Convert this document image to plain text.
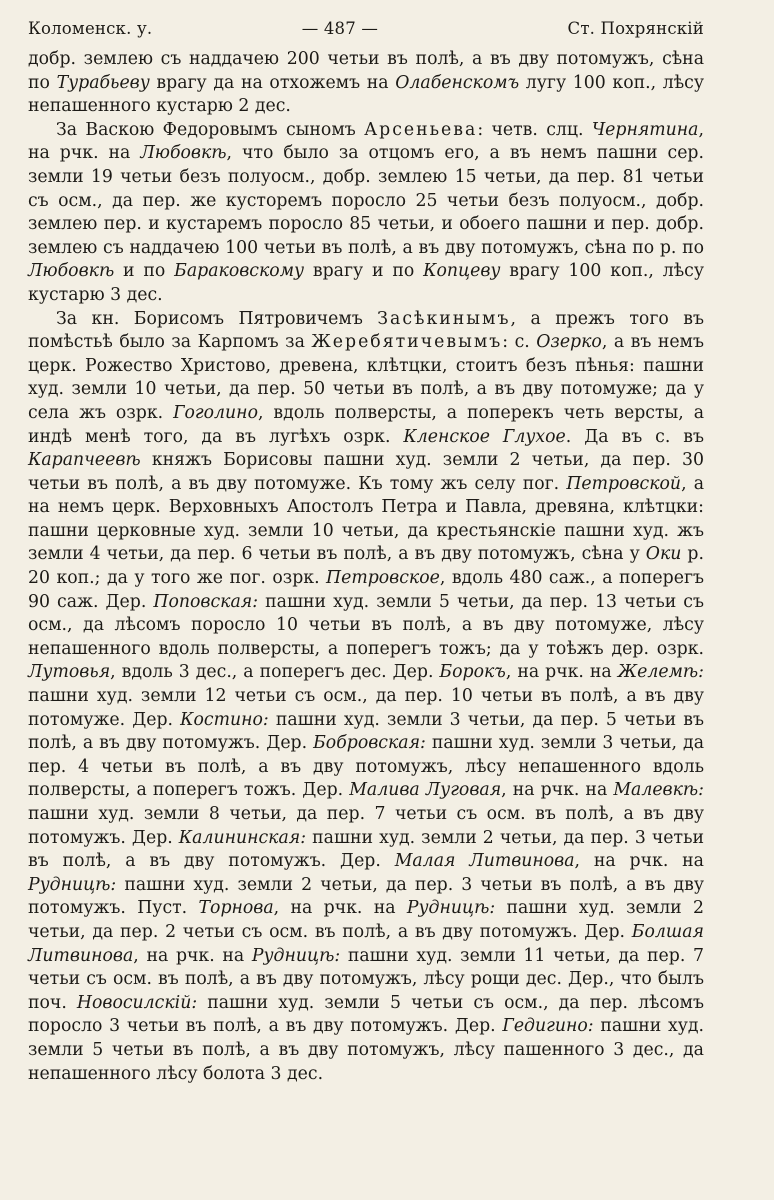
Коломенск. у.	— 487 —	Ст. Похрянскiй

добр. землею съ наддачею 200 четьи въ полѣ, а въ дву потомужъ, сѣна по Турабьеву врагу да на отхожемъ на Олабенскомъ лугу 100 коп., лѣсу непашенного кустарю 2 дес.

За Васкою Федоровымъ сыномъ Арсеньева: четв. слц. Чернятина, на рчк. на Любовкѣ, что было за отцомъ его, а въ немъ пашни сер. земли 19 четьи безъ полуосм., добр. землею 15 четьи, да пер. 81 четьи съ осм., да пер. же кусторемъ поросло 25 четьи безъ полуосм., добр. землею пер. и кустаремъ поросло 85 четьи, и обоего пашни и пер. добр. землею съ наддачею 100 четьи въ полѣ, а въ дву потомужъ, сѣна по р. по Любовкѣ и по Бараковскому врагу и по Копцеву врагу 100 коп., лѣсу кустарю 3 дес.

За кн. Борисомъ Пятровичемъ Засѣкинымъ, а прежъ того въ помѣстьѣ было за Карпомъ за Жеребятичевымъ: с. Озерко, а въ немъ церк. Рожество Христово, древена, клѣтцки, стоитъ безъ пѣнья: пашни худ. земли 10 четьи, да пер. 50 четьи въ полѣ, а въ дву потомуже; да у села жъ озрк. Гоголино, вдоль полверсты, а поперекъ четь версты, а индѣ менѣ того, да въ лугѣхъ озрк. Кленское Глухое. Да въ с. въ Карапчеевѣ княжъ Борисовы пашни худ. земли 2 четьи, да пер. 30 четьи въ полѣ, а въ дву потомуже. Къ тому жъ селу пог. Петровской, а на немъ церк. Верховныхъ Апостолъ Петра и Павла, древяна, клѣтцки: пашни церковные худ. земли 10 четьи, да крестьянскiе пашни худ. жъ земли 4 четьи, да пер. 6 четьи въ полѣ, а въ дву потомужъ, сѣна у Оки р. 20 коп.; да у того же пог. озрк. Петровское, вдоль 480 саж., а поперегъ 90 саж. Дер. Поповская: пашни худ. земли 5 четьи, да пер. 13 четьи съ осм., да лѣсомъ поросло 10 четьи въ полѣ, а въ дву потомуже, лѣсу непашенного вдоль полверсты, а поперегъ тожъ; да у тоѣжъ дер. озрк. Лутовья, вдоль 3 дес., а поперегъ дес. Дер. Борокъ, на рчк. на Желемѣ: пашни худ. земли 12 четьи съ осм., да пер. 10 четьи въ полѣ, а въ дву потомуже. Дер. Костино: пашни худ. земли 3 четьи, да пер. 5 четьи въ полѣ, а въ дву потомужъ. Дер. Бобровская: пашни худ. земли 3 четьи, да пер. 4 четьи въ полѣ, а въ дву потомужъ, лѣсу непашенного вдоль полверсты, а поперегъ тожъ. Дер. Малива Луговая, на рчк. на Малевкѣ: пашни худ. земли 8 четьи, да пер. 7 четьи съ осм. въ полѣ, а въ дву потомужъ. Дер. Калининская: пашни худ. земли 2 четьи, да пер. 3 четьи въ полѣ, а въ дву потомужъ. Дер. Малая Литвинова, на рчк. на Рудницѣ: пашни худ. земли 2 четьи, да пер. 3 четьи въ полѣ, а въ дву потомужъ. Пуст. Торнова, на рчк. на Рудницѣ: пашни худ. земли 2 четьи, да пер. 2 четьи съ осм. въ полѣ, а въ дву потомужъ. Дер. Болшая Литвинова, на рчк. на Рудницѣ: пашни худ. земли 11 четьи, да пер. 7 четьи съ осм. въ полѣ, а въ дву потомужъ, лѣсу рощи дес. Дер., что былъ поч. Новосилскiй: пашни худ. земли 5 четьи съ осм., да пер. лѣсомъ поросло 3 четьи въ полѣ, а въ дву потомужъ. Дер. Гедигино: пашни худ. земли 5 четьи въ полѣ, а въ дву потомужъ, лѣсу пашенного 3 дес., да непашенного лѣсу болота 3 дес.
